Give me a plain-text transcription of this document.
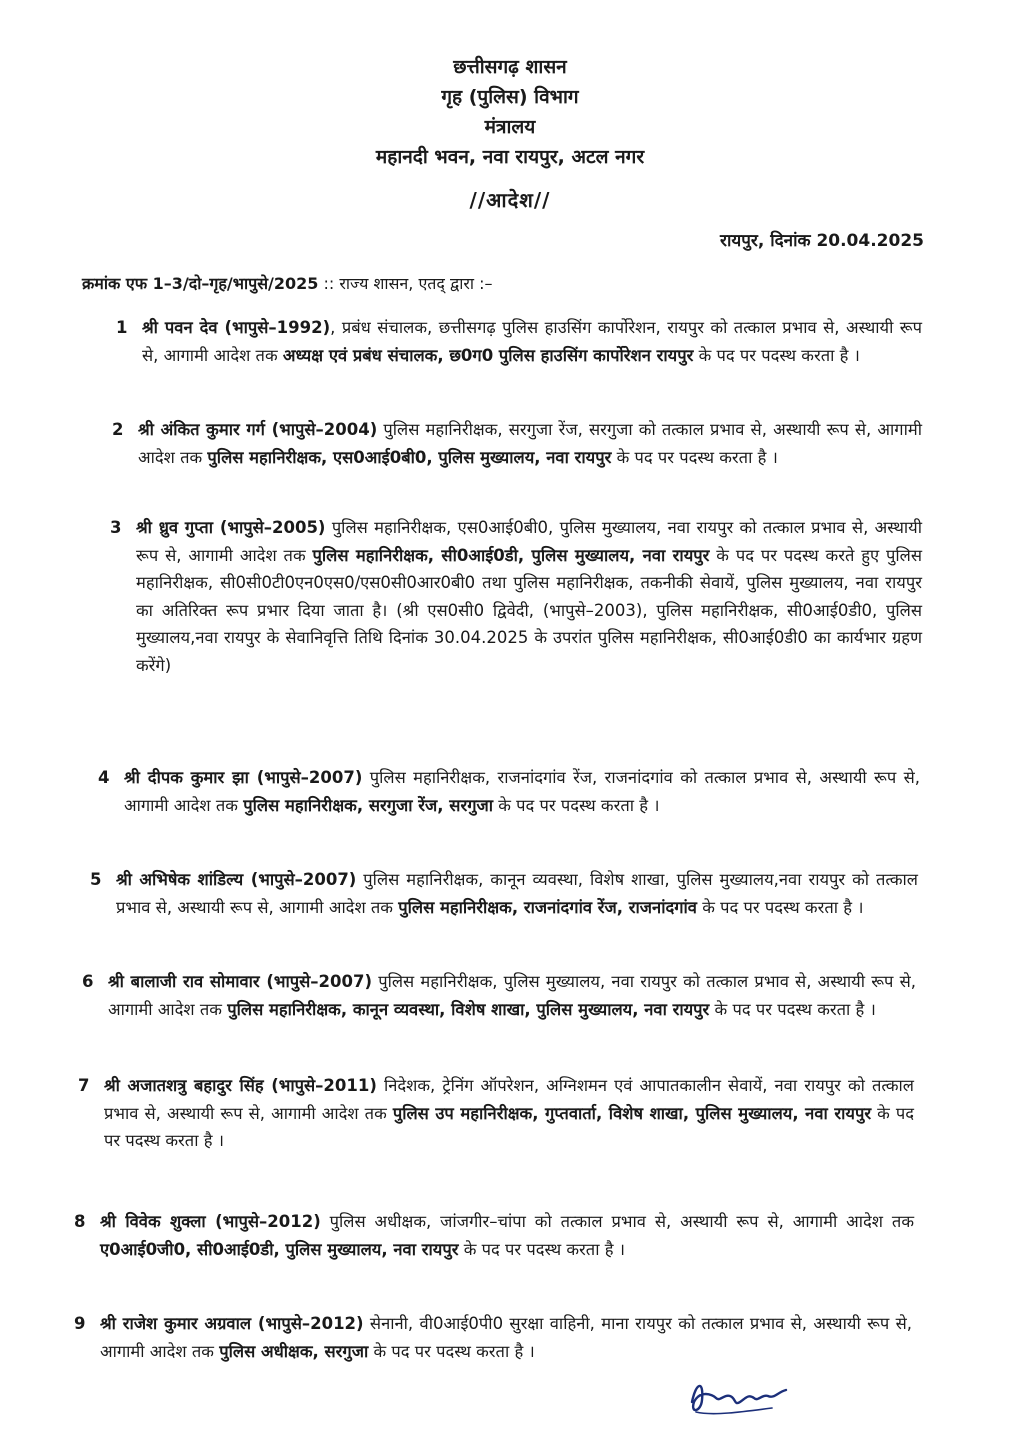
छत्तीसगढ़ शासन
गृह (पुलिस) विभाग
मंत्रालय
महानदी भवन, नवा रायपुर, अटल नगर
//आदेश//
रायपुर, दिनांक 20.04.2025
क्रमांक एफ 1–3/दो–गृह/भापुसे/2025 :: राज्य शासन, एतद् द्वारा :–
1 श्री पवन देव (भापुसे–1992), प्रबंध संचालक, छत्तीसगढ़ पुलिस हाउसिंग कार्पोरेशन, रायपुर को तत्काल प्रभाव से, अस्थायी रूप से, आगामी आदेश तक अध्यक्ष एवं प्रबंध संचालक, छ0ग0 पुलिस हाउसिंग कार्पोरेशन रायपुर के पद पर पदस्थ करता है ।
2 श्री अंकित कुमार गर्ग (भापुसे–2004) पुलिस महानिरीक्षक, सरगुजा रेंज, सरगुजा को तत्काल प्रभाव से, अस्थायी रूप से, आगामी आदेश तक पुलिस महानिरीक्षक, एस0आई0बी0, पुलिस मुख्यालय, नवा रायपुर के पद पर पदस्थ करता है ।
3 श्री ध्रुव गुप्ता (भापुसे–2005) पुलिस महानिरीक्षक, एस0आई0बी0, पुलिस मुख्यालय, नवा रायपुर को तत्काल प्रभाव से, अस्थायी रूप से, आगामी आदेश तक पुलिस महानिरीक्षक, सी0आई0डी, पुलिस मुख्यालय, नवा रायपुर के पद पर पदस्थ करते हुए पुलिस महानिरीक्षक, सी0सी0टी0एन0एस0/एस0सी0आर0बी0 तथा पुलिस महानिरीक्षक, तकनीकी सेवायें, पुलिस मुख्यालय, नवा रायपुर का अतिरिक्त रूप प्रभार दिया जाता है। (श्री एस0सी0 द्विवेदी, (भापुसे–2003), पुलिस महानिरीक्षक, सी0आई0डी0, पुलिस मुख्यालय,नवा रायपुर के सेवानिवृत्ति तिथि दिनांक 30.04.2025 के उपरांत पुलिस महानिरीक्षक, सी0आई0डी0 का कार्यभार ग्रहण करेंगे)
4 श्री दीपक कुमार झा (भापुसे–2007) पुलिस महानिरीक्षक, राजनांदगांव रेंज, राजनांदगांव को तत्काल प्रभाव से, अस्थायी रूप से, आगामी आदेश तक पुलिस महानिरीक्षक, सरगुजा रेंज, सरगुजा के पद पर पदस्थ करता है ।
5 श्री अभिषेक शांडिल्य (भापुसे–2007) पुलिस महानिरीक्षक, कानून व्यवस्था, विशेष शाखा, पुलिस मुख्यालय,नवा रायपुर को तत्काल प्रभाव से, अस्थायी रूप से, आगामी आदेश तक पुलिस महानिरीक्षक, राजनांदगांव रेंज, राजनांदगांव के पद पर पदस्थ करता है ।
6 श्री बालाजी राव सोमावार (भापुसे–2007) पुलिस महानिरीक्षक, पुलिस मुख्यालय, नवा रायपुर को तत्काल प्रभाव से, अस्थायी रूप से, आगामी आदेश तक पुलिस महानिरीक्षक, कानून व्यवस्था, विशेष शाखा, पुलिस मुख्यालय, नवा रायपुर के पद पर पदस्थ करता है ।
7 श्री अजातशत्रु बहादुर सिंह (भापुसे–2011) निदेशक, ट्रेनिंग ऑपरेशन, अग्निशमन एवं आपातकालीन सेवायें, नवा रायपुर को तत्काल प्रभाव से, अस्थायी रूप से, आगामी आदेश तक पुलिस उप महानिरीक्षक, गुप्तवार्ता, विशेष शाखा, पुलिस मुख्यालय, नवा रायपुर के पद पर पदस्थ करता है ।
8 श्री विवेक शुक्ला (भापुसे–2012) पुलिस अधीक्षक, जांजगीर–चांपा को तत्काल प्रभाव से, अस्थायी रूप से, आगामी आदेश तक ए0आई0जी0, सी0आई0डी, पुलिस मुख्यालय, नवा रायपुर के पद पर पदस्थ करता है ।
9 श्री राजेश कुमार अग्रवाल (भापुसे–2012) सेनानी, वी0आई0पी0 सुरक्षा वाहिनी, माना रायपुर को तत्काल प्रभाव से, अस्थायी रूप से, आगामी आदेश तक पुलिस अधीक्षक, सरगुजा के पद पर पदस्थ करता है ।
